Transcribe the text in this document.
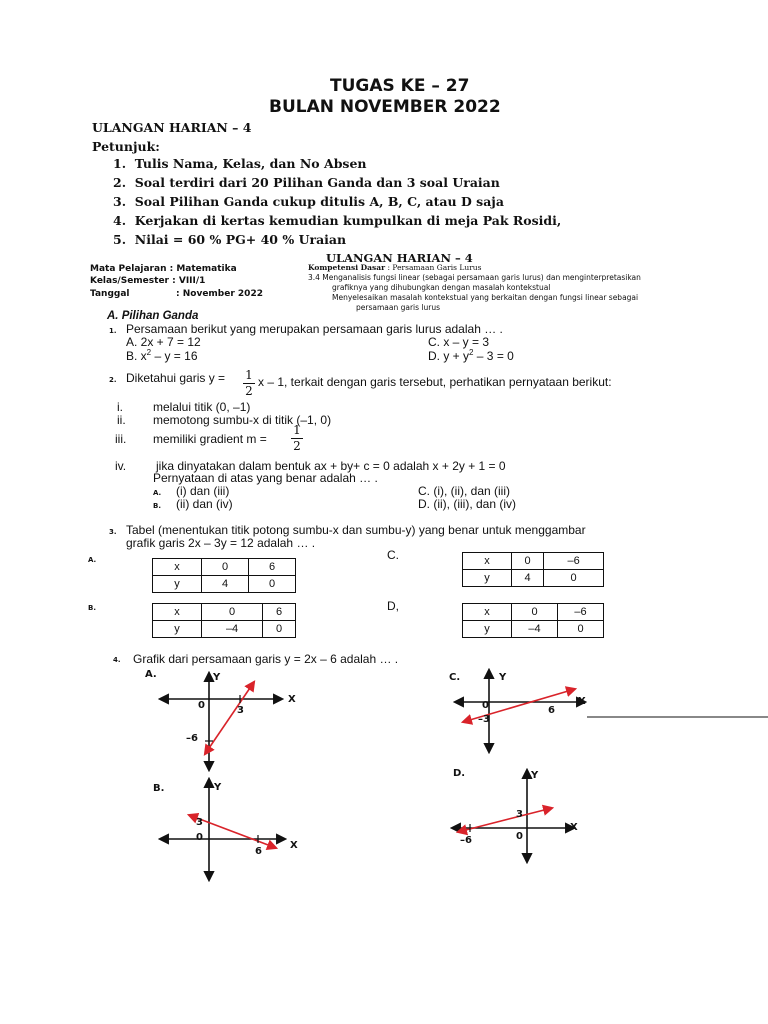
TUGAS KE – 27
BULAN NOVEMBER 2022
ULANGAN HARIAN – 4
Petunjuk:
1. Tulis Nama, Kelas, dan No Absen
2. Soal terdiri dari 20 Pilihan Ganda dan 3 soal Uraian
3. Soal Pilihan Ganda cukup ditulis A, B, C, atau D saja
4. Kerjakan di kertas kemudian kumpulkan di meja Pak Rosidi,
5. Nilai = 60 % PG+ 40 % Uraian
ULANGAN HARIAN – 4
Mata Pelajaran : Matematika
Kelas/Semester : VIII/1
Tanggal	: November 2022
Kompetensi Dasar : Persamaan Garis Lurus
3.4 Menganalisis fungsi linear (sebagai persamaan garis lurus) dan menginterpretasikan
grafiknya yang dihubungkan dengan masalah kontekstual
Menyelesaikan masalah kontekstual yang berkaitan dengan fungsi linear sebagai
persamaan garis lurus
A. Pilihan Ganda
1. Persamaan berikut yang merupakan persamaan garis lurus adalah … .
A. 2x + 7 = 12
B. $x^2 - y = 16$
C. x – y = 3
D. $y + y^2 - 3 = 0$
2. Diketahui garis $y = \frac{1}{2}$ x – 1, terkait dengan garis tersebut, perhatikan pernyataan berikut:
i.	melalui titik (0, –1)
ii. memotong sumbu-x di titik (–1, 0)
iii. memiliki gradient $m = \frac{1}{2}$
iv. jika dinyatakan dalam bentuk ax + by+ c = 0 adalah x + 2y + 1 = 0
Pernyataan di atas yang benar adalah … .
A. (i) dan (iii)
B. (ii) dan (iv)
C. (i), (ii), dan (iii)
D. (ii), (iii), dan (iv)
3. Tabel (menentukan titik potong sumbu-x dan sumbu-y) yang benar untuk menggambar
grafik garis 2x – 3y = 12 adalah … .
A.
x	0	6
y	4	0
C.	x	0	–6
y	4	0
B.	x	0	6
y	–4	0
D,	x	0	–6
y	–4	0
4. Grafik dari persamaan garis y = 2x – 6 adalah … .
A.	Y
X
0	3
–6
B.	Y
X
0
3
6
C.	Y
X
0
–3
6
D.	Y
X
0
3
–6
